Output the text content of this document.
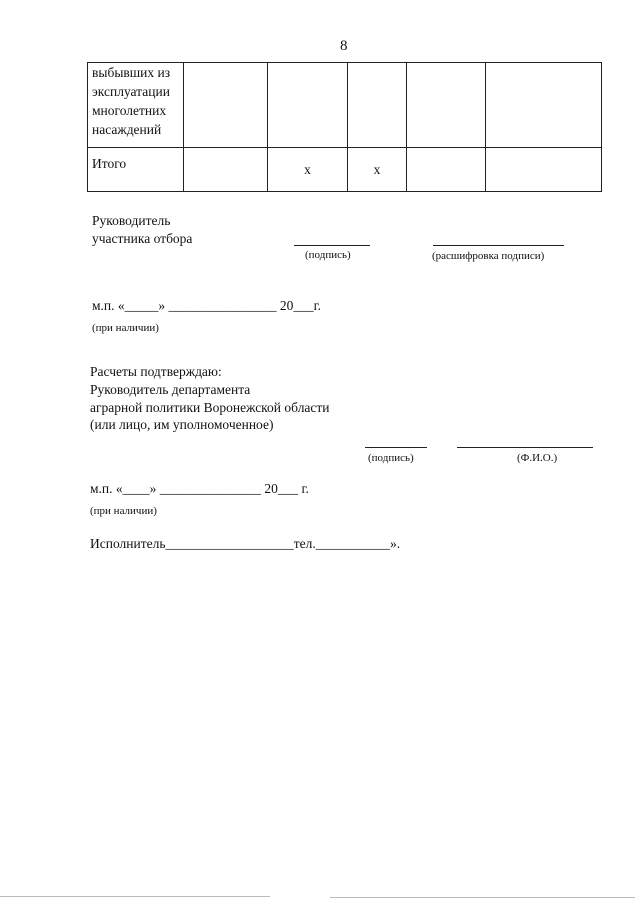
8
выбывших из эксплуатации многолетних насаждений					
Итого		х	х		
Руководитель
участника отбора
(подпись)	(расшифровка подписи)
м.п. «_____» ________________ 20___г.
(при наличии)
Расчеты подтверждаю:
Руководитель департамента
аграрной политики Воронежской области
(или лицо, им уполномоченное)
(подпись)	(Ф.И.О.)
м.п. «____» _______________ 20___ г.
(при наличии)
Исполнитель___________________тел.___________».
